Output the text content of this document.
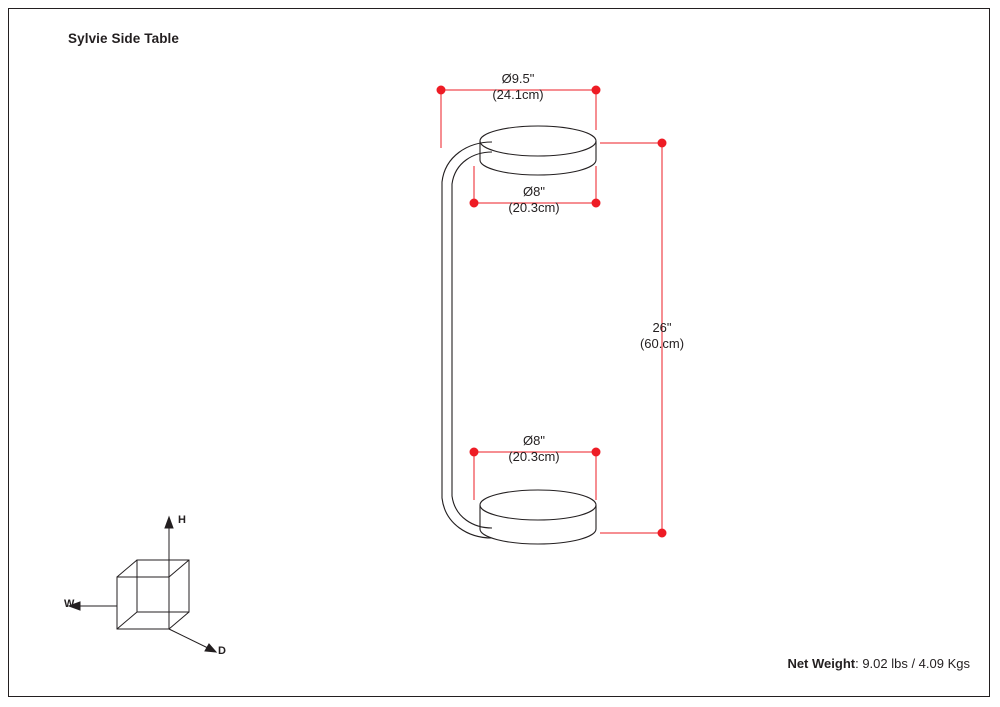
Sylvie Side Table
Ø9.5"
(24.1cm)
Ø8"
(20.3cm)
Ø8"
(20.3cm)
26"
(60.cm)
H
W
D
Net Weight: 9.02 lbs / 4.09 Kgs
